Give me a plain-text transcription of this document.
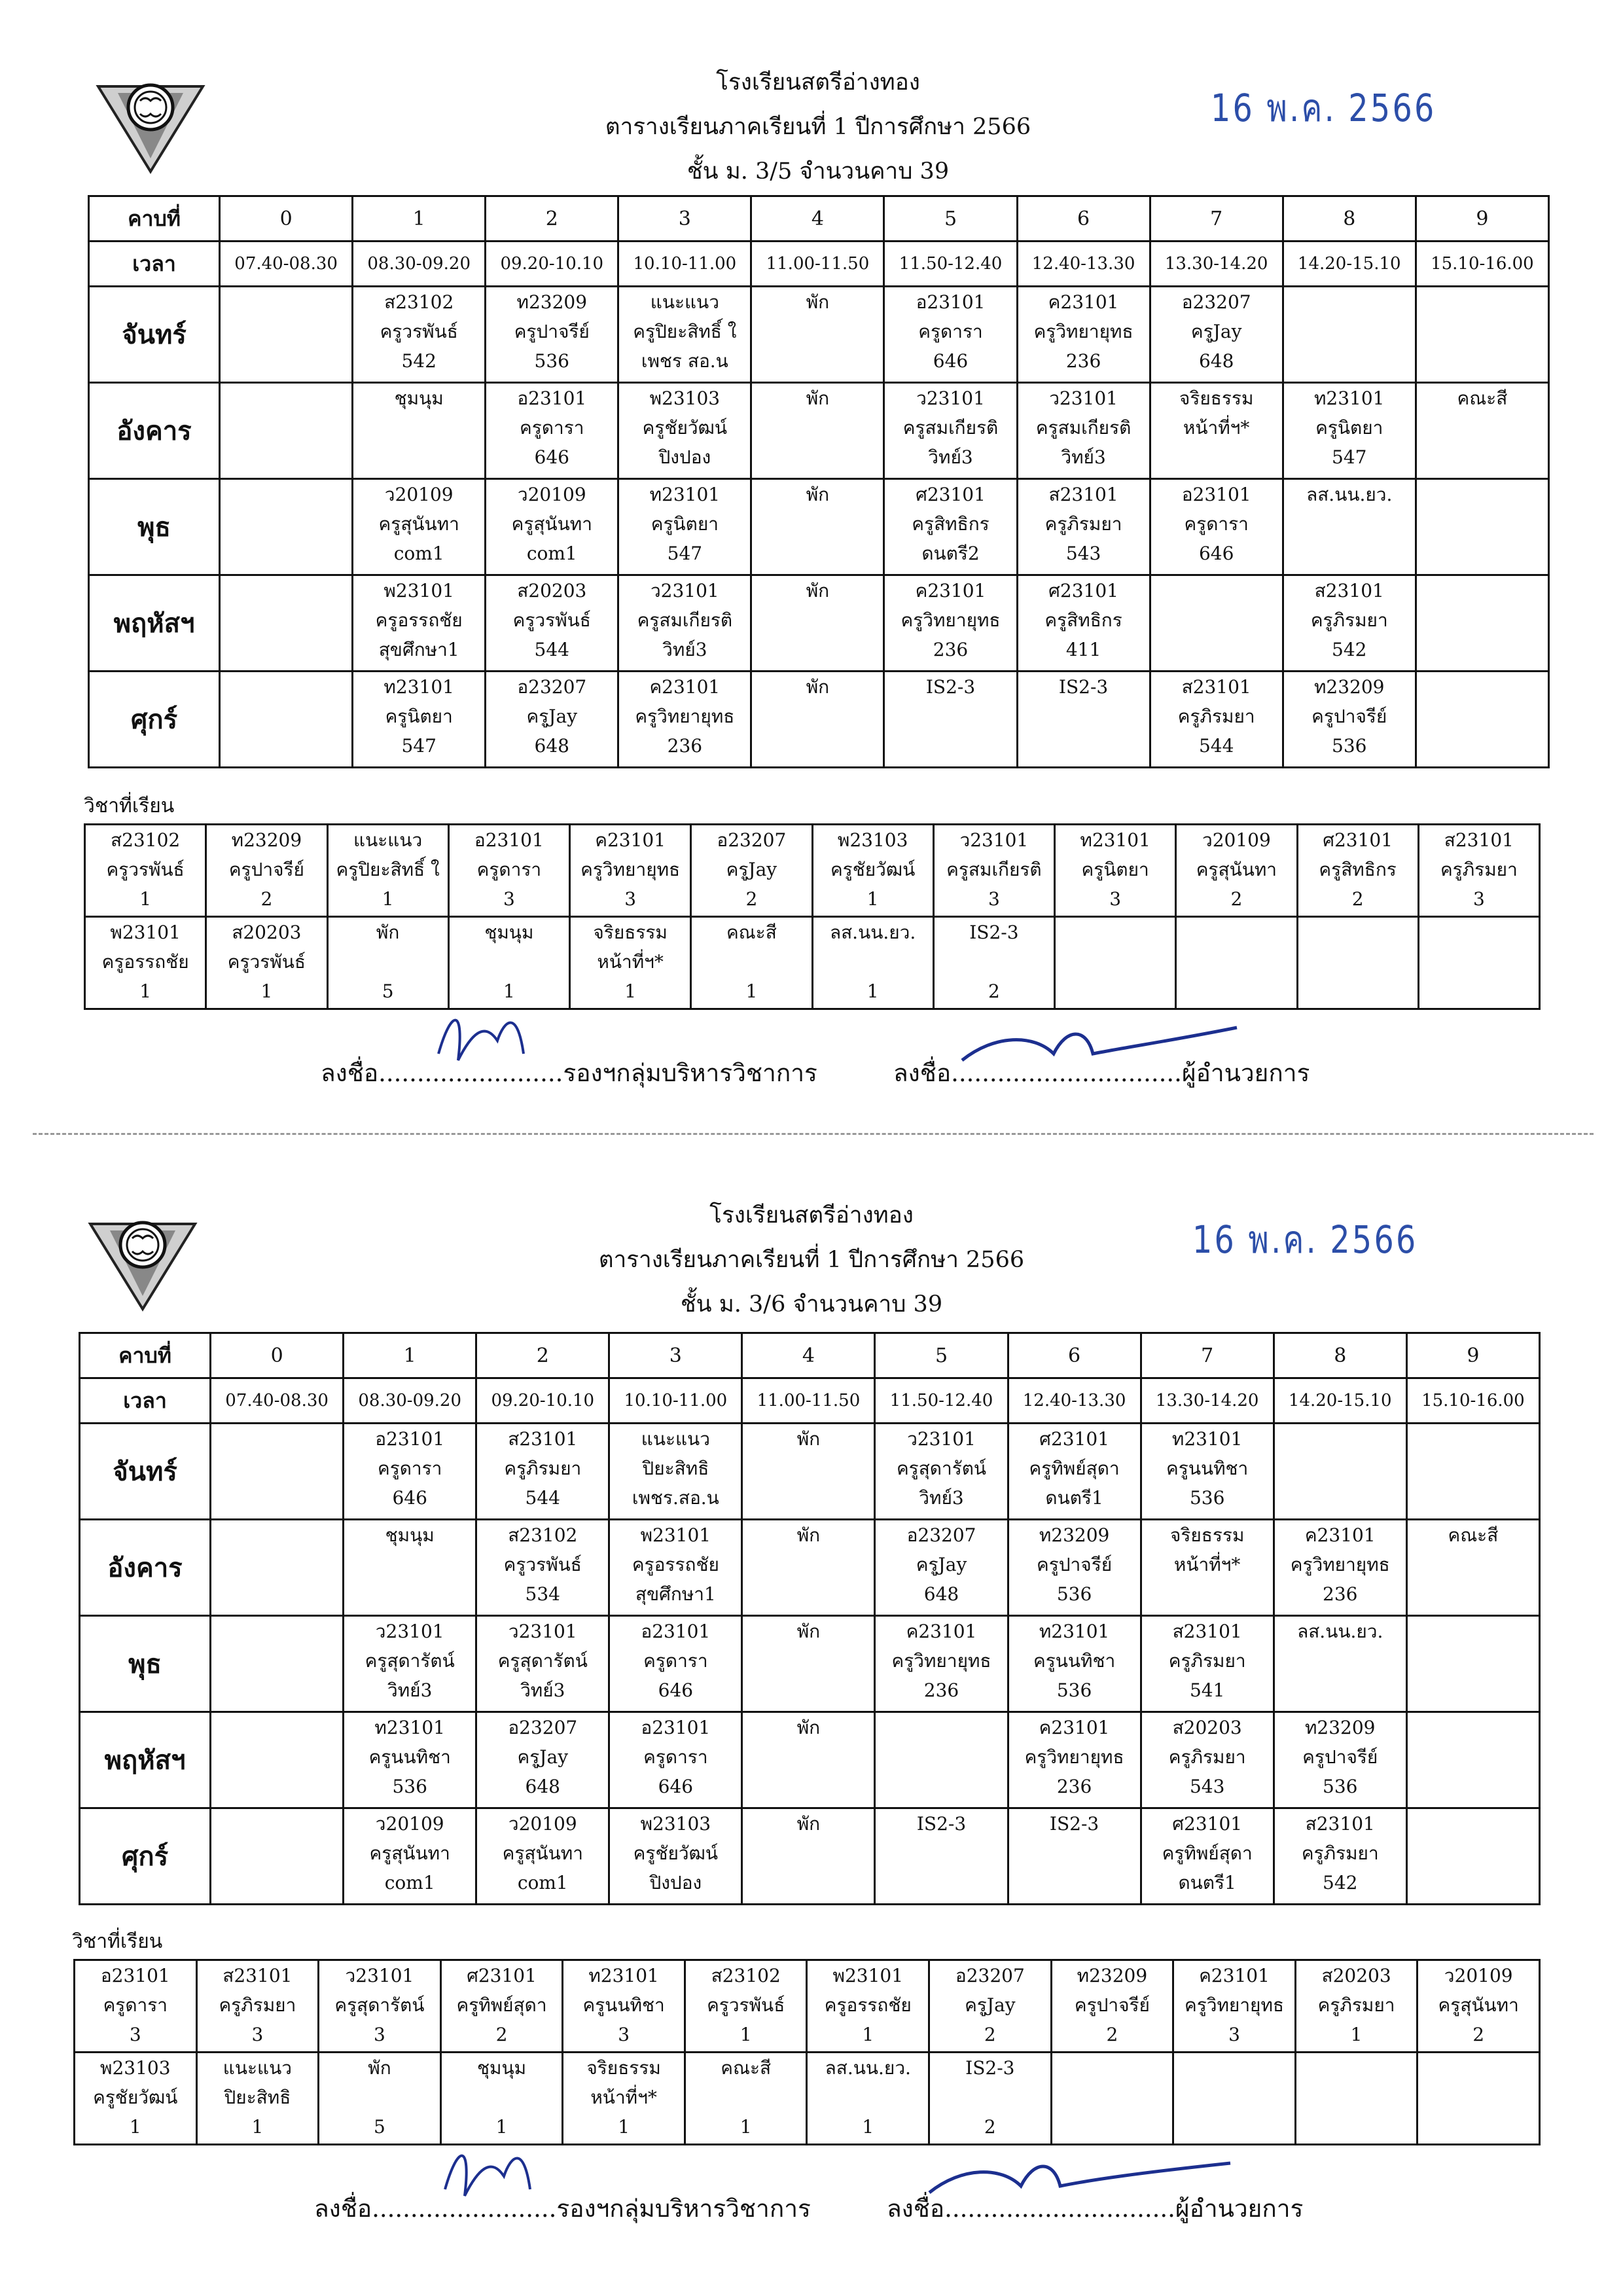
โรงเรียนสตรีอ่างทอง
ตารางเรียนภาคเรียนที่ 1 ปีการศึกษา 2566
ชั้น ม. 3/5 จำนวนคาบ 39
16 พ.ค. 2566
คาบที่	0	1	2	3	4	5	6	7	8	9
เวลา	07.40-08.30	08.30-09.20	09.20-10.10	10.10-11.00	11.00-11.50	11.50-12.40	12.40-13.30	13.30-14.20	14.20-15.10	15.10-16.00
จันทร์		ส23102
ครูวรพันธ์
542	ท23209
ครูปาจรีย์
536	แนะแนว
ครูปิยะสิทธิ์ ใ
เพชร สอ.น	พัก	อ23101
ครูดารา
646	ค23101
ครูวิทยายุทธ
236	อ23207
ครูJay
648		

อังคาร		ชุมนุม	อ23101
ครูดารา
646	พ23103
ครูชัยวัฒน์
ปิงปอง	พัก	ว23101
ครูสมเกียรติ
วิทย์3	ว23101
ครูสมเกียรติ
วิทย์3	จริยธรรม
หน้าที่ฯ*	ท23101
ครูนิตยา
547	คณะสี

พุธ		ว20109
ครูสุนันทา
com1	ว20109
ครูสุนันทา
com1	ท23101
ครูนิตยา
547	พัก	ศ23101
ครูสิทธิกร
ดนตรี2	ส23101
ครูภิรมยา
543	อ23101
ครูดารา
646	ลส.นน.ยว.	

พฤหัสฯ		พ23101
ครูอรรถชัย
สุขศึกษา1	ส20203
ครูวรพันธ์
544	ว23101
ครูสมเกียรติ
วิทย์3	พัก	ค23101
ครูวิทยายุทธ
236	ศ23101
ครูสิทธิกร
411		ส23101
ครูภิรมยา
542	

ศุกร์		ท23101
ครูนิตยา
547	อ23207
ครูJay
648	ค23101
ครูวิทยายุทธ
236	พัก	IS2-3	IS2-3	ส23101
ครูภิรมยา
544	ท23209
ครูปาจรีย์
536	

วิชาที่เรียน
ส23102
ครูวรพันธ์
1	ท23209
ครูปาจรีย์
2	แนะแนว
ครูปิยะสิทธิ์ ใ
1	อ23101
ครูดารา
3	ค23101
ครูวิทยายุทธ
3	อ23207
ครูJay
2	พ23103
ครูชัยวัฒน์
1	ว23101
ครูสมเกียรติ
3	ท23101
ครูนิตยา
3	ว20109
ครูสุนันทา
2	ศ23101
ครูสิทธิกร
2	ส23101
ครูภิรมยา
3

พ23101
ครูอรรถชัย
1	ส20203
ครูวรพันธ์
1	พัก

5	ชุมนุม

1	จริยธรรม
หน้าที่ฯ*
1	คณะสี

1	ลส.นน.ยว.

1	IS2-3

2				

ลงชื่อ........................รองฯกลุ่มบริหารวิชาการ	ลงชื่อ..............................ผู้อำนวยการ
โรงเรียนสตรีอ่างทอง
ตารางเรียนภาคเรียนที่ 1 ปีการศึกษา 2566
ชั้น ม. 3/6 จำนวนคาบ 39
16 พ.ค. 2566
คาบที่	0	1	2	3	4	5	6	7	8	9
เวลา	07.40-08.30	08.30-09.20	09.20-10.10	10.10-11.00	11.00-11.50	11.50-12.40	12.40-13.30	13.30-14.20	14.20-15.10	15.10-16.00
จันทร์		อ23101
ครูดารา
646	ส23101
ครูภิรมยา
544	แนะแนว
ปิยะสิทธิ
เพชร.สอ.น	พัก	ว23101
ครูสุดารัตน์
วิทย์3	ศ23101
ครูทิพย์สุดา
ดนตรี1	ท23101
ครูนนทิชา
536		

อังคาร		ชุมนุม	ส23102
ครูวรพันธ์
534	พ23101
ครูอรรถชัย
สุขศึกษา1	พัก	อ23207
ครูJay
648	ท23209
ครูปาจรีย์
536	จริยธรรม
หน้าที่ฯ*	ค23101
ครูวิทยายุทธ
236	คณะสี

พุธ		ว23101
ครูสุดารัตน์
วิทย์3	ว23101
ครูสุดารัตน์
วิทย์3	อ23101
ครูดารา
646	พัก	ค23101
ครูวิทยายุทธ
236	ท23101
ครูนนทิชา
536	ส23101
ครูภิรมยา
541	ลส.นน.ยว.	

พฤหัสฯ		ท23101
ครูนนทิชา
536	อ23207
ครูJay
648	อ23101
ครูดารา
646	พัก		ค23101
ครูวิทยายุทธ
236	ส20203
ครูภิรมยา
543	ท23209
ครูปาจรีย์
536	

ศุกร์		ว20109
ครูสุนันทา
com1	ว20109
ครูสุนันทา
com1	พ23103
ครูชัยวัฒน์
ปิงปอง	พัก	IS2-3	IS2-3	ศ23101
ครูทิพย์สุดา
ดนตรี1	ส23101
ครูภิรมยา
542	

วิชาที่เรียน
อ23101
ครูดารา
3	ส23101
ครูภิรมยา
3	ว23101
ครูสุดารัตน์
3	ศ23101
ครูทิพย์สุดา
2	ท23101
ครูนนทิชา
3	ส23102
ครูวรพันธ์
1	พ23101
ครูอรรถชัย
1	อ23207
ครูJay
2	ท23209
ครูปาจรีย์
2	ค23101
ครูวิทยายุทธ
3	ส20203
ครูภิรมยา
1	ว20109
ครูสุนันทา
2

พ23103
ครูชัยวัฒน์
1	แนะแนว
ปิยะสิทธิ
1	พัก

5	ชุมนุม

1	จริยธรรม
หน้าที่ฯ*
1	คณะสี

1	ลส.นน.ยว.

1	IS2-3

2				

ลงชื่อ........................รองฯกลุ่มบริหารวิชาการ	ลงชื่อ..............................ผู้อำนวยการ
